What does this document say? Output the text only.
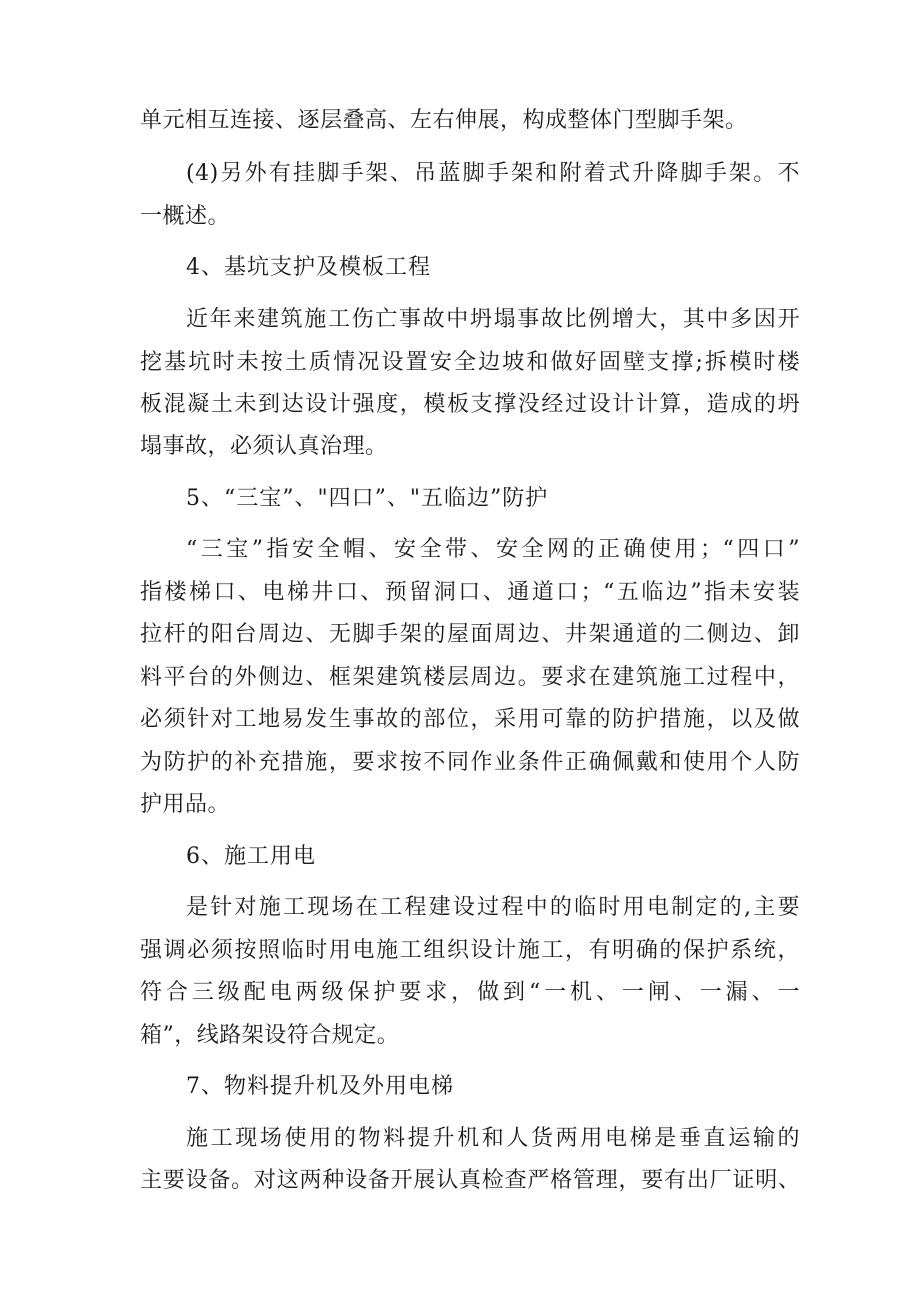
单元相互连接、逐层叠高、左右伸展，构成整体门型脚手架。

(4)另外有挂脚手架、吊蓝脚手架和附着式升降脚手架。不

一概述。

4、基坑支护及模板工程

近年来建筑施工伤亡事故中坍塌事故比例增大，其中多因开

挖基坑时未按土质情况设置安全边坡和做好固壁支撑;拆模时楼

板混凝土未到达设计强度，模板支撑没经过设计计算，造成的坍

塌事故，必须认真治理。

5、“三宝”、"四口”、"五临边”防护

“三宝”指安全帽、安全带、安全网的正确使用；“四口”

指楼梯口、电梯井口、预留洞口、通道口；“五临边”指未安装

拉杆的阳台周边、无脚手架的屋面周边、井架通道的二侧边、卸

料平台的外侧边、框架建筑楼层周边。要求在建筑施工过程中，

必须针对工地易发生事故的部位，采用可靠的防护措施，以及做

为防护的补充措施，要求按不同作业条件正确佩戴和使用个人防

护用品。

6、施工用电

是针对施工现场在工程建设过程中的临时用电制定的,主要

强调必须按照临时用电施工组织设计施工，有明确的保护系统，

符合三级配电两级保护要求，做到“一机、一闸、一漏、一

箱”，线路架设符合规定。

7、物料提升机及外用电梯

施工现场使用的物料提升机和人货两用电梯是垂直运输的

主要设备。对这两种设备开展认真检查严格管理，要有出厂证明、
